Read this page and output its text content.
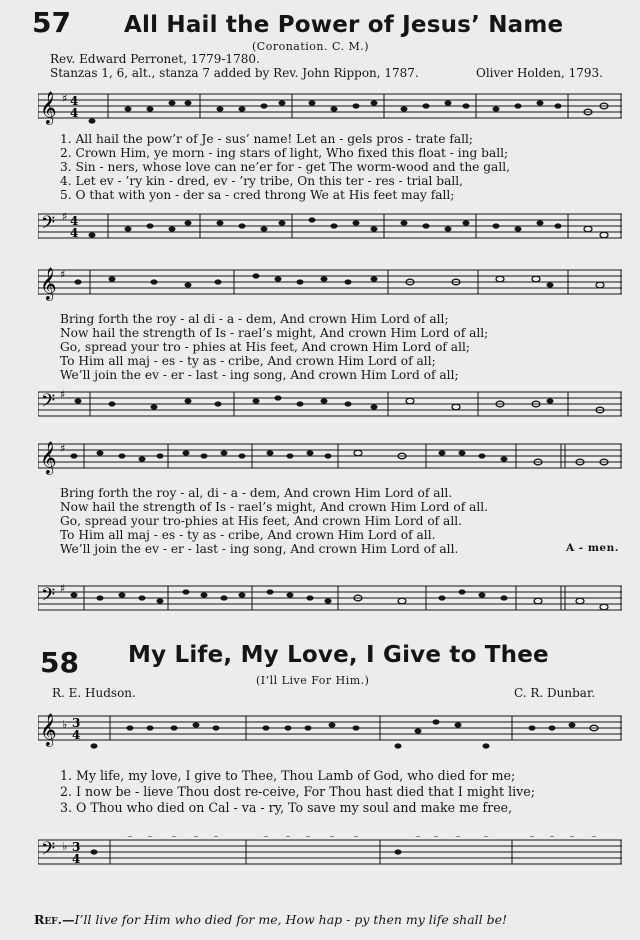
57 All Hail the Power of Jesus’ Name
(Coronation. C. M.)
Rev. Edward Perronet, 1779-1780.
Stanzas 1, 6, alt., stanza 7 added by Rev. John Rippon, 1787.	Oliver Holden, 1793.
𝄞 ♯ 4
4
1. All hail the pow’r of Je - sus’ name! Let an - gels pros - trate fall;
2. Crown Him, ye morn - ing stars of light, Who fixed this float - ing ball;
3. Sin - ners, whose love can ne’er for - get The worm-wood and the gall,
4. Let ev - ’ry kin - dred, ev - ’ry tribe, On this ter - res - trial ball,
5. O that with yon - der sa - cred throng We at His feet may fall;
𝄢 ♯ 4
4
𝄞 ♯
Bring forth the roy - al di - a - dem, And crown Him Lord of all;
Now hail the strength of Is - rael’s might, And crown Him Lord of all;
Go, spread your tro - phies at His feet, And crown Him Lord of all;
To Him all maj - es - ty as - cribe, And crown Him Lord of all;
We’ll join the ev - er - last - ing song, And crown Him Lord of all;
𝄢 ♯
𝄞 ♯
Bring forth the roy - al, di - a - dem, And crown Him Lord of all.
Now hail the strength of Is - rael’s might, And crown Him Lord of all.
Go, spread your tro-phies at His feet, And crown Him Lord of all.
To Him all maj - es - ty as - cribe, And crown Him Lord of all.
We’ll join the ev - er - last - ing song, And crown Him Lord of all.	A - men.
𝄢 ♯
58 My Life, My Love, I Give to Thee
(I’ll Live For Him.)
R. E. Hudson.	C. R. Dunbar.
𝄞 ♭ 3
4
1. My life, my love, I give to Thee, Thou Lamb of God, who died for me;
2. I now be - lieve Thou dost re-ceive, For Thou hast died that I might live;
3. O Thou who died on Cal - va - ry, To save my soul and make me free,
𝄢 ♭ 3
4
Ref.—I’ll live for Him who died for me, How hap - py then my life shall be!
